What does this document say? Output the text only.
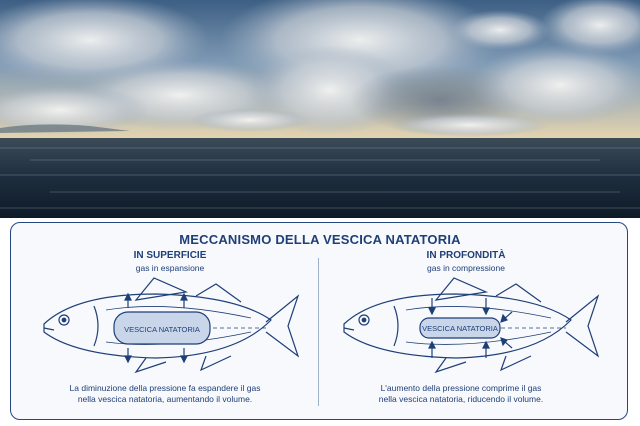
MECCANISMO DELLA VESCICA NATATORIA
IN SUPERFICIE
gas in espansione
VESCICA NATATORIA
La diminuzione della pressione fa espandere il gas
nella vescica natatoria, aumentando il volume.
IN PROFONDITÀ
gas in compressione
VESCICA NATATORIA
L'aumento della pressione comprime il gas
nella vescica natatoria, riducendo il volume.
